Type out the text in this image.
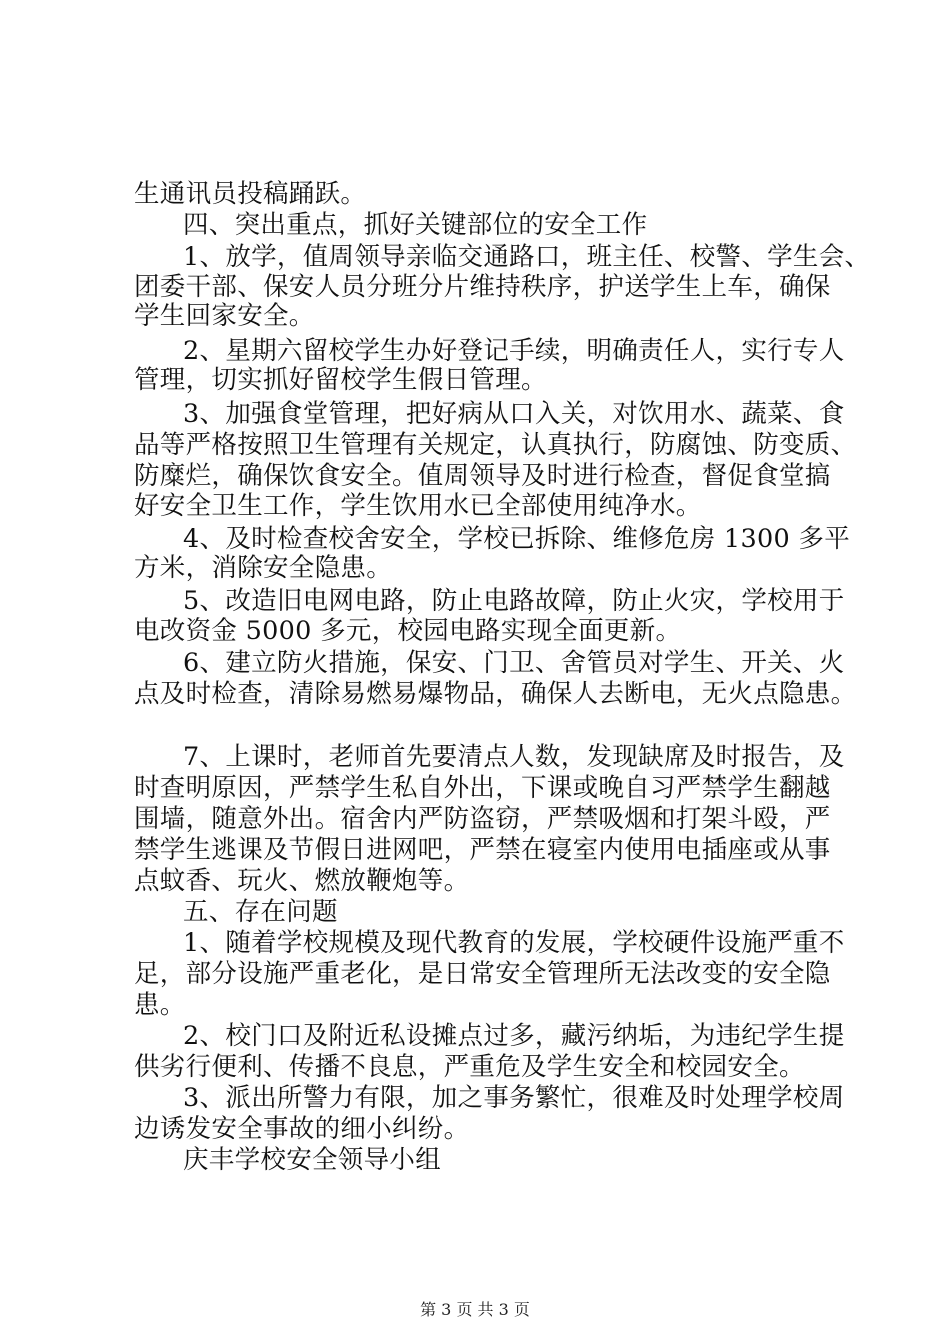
生通讯员投稿踊跃。
四、突出重点，抓好关键部位的安全工作
1、放学，值周领导亲临交通路口，班主任、校警、学生会、
团委干部、保安人员分班分片维持秩序，护送学生上车，确保
学生回家安全。
2、星期六留校学生办好登记手续，明确责任人，实行专人
管理，切实抓好留校学生假日管理。
3、加强食堂管理，把好病从口入关，对饮用水、蔬菜、食
品等严格按照卫生管理有关规定，认真执行，防腐蚀、防变质、
防糜烂，确保饮食安全。值周领导及时进行检查，督促食堂搞
好安全卫生工作，学生饮用水已全部使用纯净水。
4、及时检查校舍安全，学校已拆除、维修危房 1300 多平
方米，消除安全隐患。
5、改造旧电网电路，防止电路故障，防止火灾，学校用于
电改资金 5000 多元，校园电路实现全面更新。
6、建立防火措施，保安、门卫、舍管员对学生、开关、火
点及时检查，清除易燃易爆物品，确保人去断电，无火点隐患。
7、上课时，老师首先要清点人数，发现缺席及时报告，及
时查明原因，严禁学生私自外出，下课或晚自习严禁学生翻越
围墙，随意外出。宿舍内严防盗窃，严禁吸烟和打架斗殴，严
禁学生逃课及节假日进网吧，严禁在寝室内使用电插座或从事
点蚊香、玩火、燃放鞭炮等。
五、存在问题
1、随着学校规模及现代教育的发展，学校硬件设施严重不
足，部分设施严重老化，是日常安全管理所无法改变的安全隐
患。
2、校门口及附近私设摊点过多，藏污纳垢，为违纪学生提
供劣行便利、传播不良息，严重危及学生安全和校园安全。
3、派出所警力有限，加之事务繁忙，很难及时处理学校周
边诱发安全事故的细小纠纷。
庆丰学校安全领导小组
第 3 页 共 3 页
